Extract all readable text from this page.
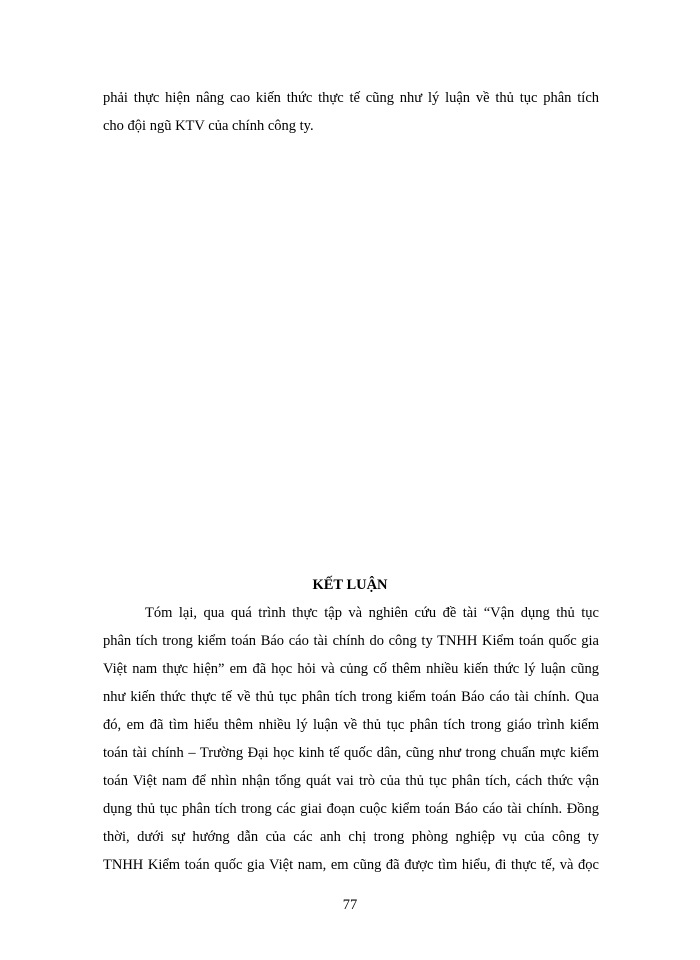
phải thực hiện nâng cao kiến thức thực tế cũng như lý luận về thủ tục phân tích
cho đội ngũ KTV của chính công ty.
KẾT LUẬN
Tóm lại, qua quá trình thực tập và nghiên cứu đề tài “Vận dụng thủ tục
phân tích trong kiểm toán Báo cáo tài chính do công ty TNHH Kiểm toán quốc gia
Việt nam thực hiện” em đã học hỏi và củng cố thêm nhiều kiến thức lý luận cũng
như kiến thức thực tế về thủ tục phân tích trong kiểm toán Báo cáo tài chính. Qua
đó, em đã tìm hiểu thêm nhiều lý luận về thủ tục phân tích trong giáo trình kiểm
toán tài chính – Trường Đại học kinh tế quốc dân, cũng như trong chuẩn mực kiểm
toán Việt nam để nhìn nhận tổng quát vai trò của thủ tục phân tích, cách thức vận
dụng thủ tục phân tích trong các giai đoạn cuộc kiểm toán Báo cáo tài chính. Đồng
thời, dưới sự hướng dẫn của các anh chị trong phòng nghiệp vụ của công ty
TNHH Kiểm toán quốc gia Việt nam, em cũng đã được tìm hiểu, đi thực tế, và đọc
77
